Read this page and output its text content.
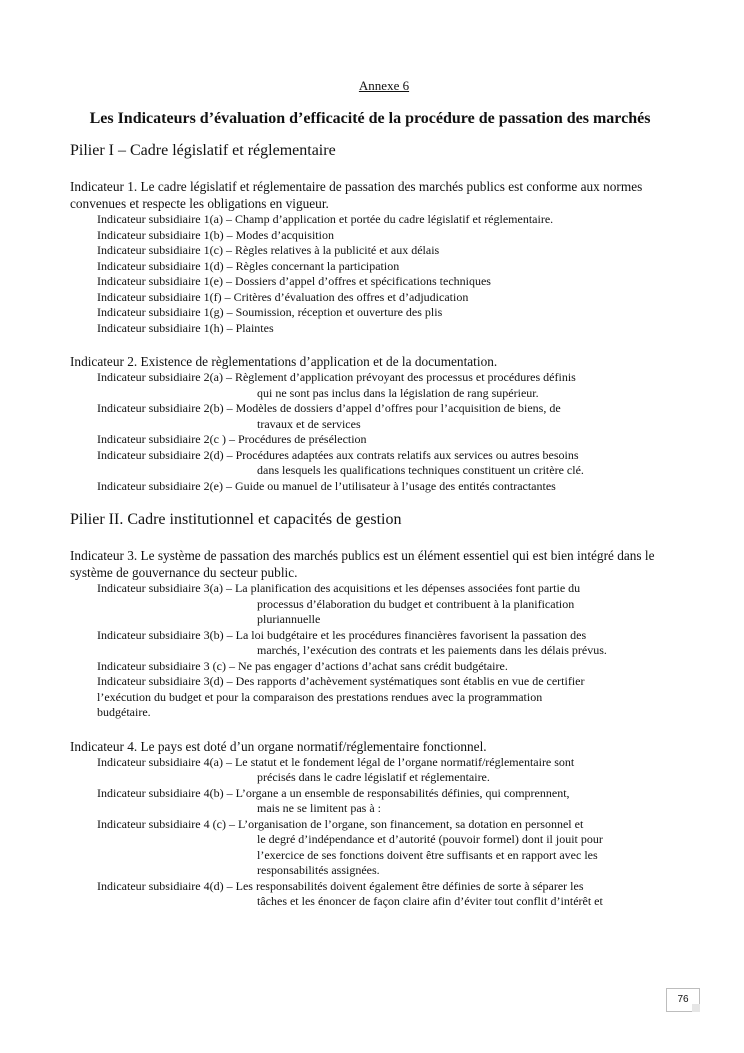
Annexe 6
Les Indicateurs d’évaluation d’efficacité de la procédure de passation des marchés
Pilier I – Cadre législatif et réglementaire
Indicateur 1. Le cadre législatif et réglementaire de passation des marchés publics est conforme aux normes convenues et respecte les obligations en vigueur.
Indicateur subsidiaire 1(a) – Champ d’application et portée du cadre législatif et réglementaire.
Indicateur subsidiaire 1(b) – Modes d’acquisition
Indicateur subsidiaire 1(c) – Règles relatives à la publicité et aux délais
Indicateur subsidiaire 1(d) – Règles concernant la participation
Indicateur subsidiaire 1(e) – Dossiers d’appel d’offres et spécifications techniques
Indicateur subsidiaire 1(f) – Critères d’évaluation des offres et d’adjudication
Indicateur subsidiaire 1(g) – Soumission, réception et ouverture des plis
Indicateur subsidiaire 1(h) – Plaintes
Indicateur 2. Existence de règlementations d’application et de la documentation.
Indicateur subsidiaire 2(a) – Règlement d’application prévoyant des processus et procédures définis
qui ne sont pas inclus dans la législation de rang supérieur.
Indicateur subsidiaire 2(b) – Modèles de dossiers d’appel d’offres pour l’acquisition de biens, de
travaux et de services
Indicateur subsidiaire 2(c ) – Procédures de présélection
Indicateur subsidiaire 2(d) – Procédures adaptées aux contrats relatifs aux services ou autres besoins
dans lesquels les qualifications techniques constituent un critère clé.
Indicateur subsidiaire 2(e) – Guide ou manuel de l’utilisateur à l’usage des entités contractantes
Pilier II. Cadre institutionnel et capacités de gestion
Indicateur 3. Le système de passation des marchés publics est un élément essentiel qui est bien intégré dans le système de gouvernance du secteur public.
Indicateur subsidiaire 3(a) – La planification des acquisitions et les dépenses associées font partie du
processus d’élaboration du budget et contribuent à la planification
pluriannuelle
Indicateur subsidiaire 3(b) – La loi budgétaire et les procédures financières favorisent la passation des
marchés, l’exécution des contrats et les paiements dans les délais prévus.
Indicateur subsidiaire 3 (c) – Ne pas engager d’actions d’achat sans crédit budgétaire.
Indicateur subsidiaire 3(d) – Des rapports d’achèvement systématiques sont établis en vue de certifier
l’exécution du budget et pour la comparaison des prestations rendues avec la programmation
budgétaire.
Indicateur 4. Le pays est doté d’un organe normatif/réglementaire fonctionnel.
Indicateur subsidiaire 4(a) – Le statut et le fondement légal de l’organe normatif/réglementaire sont
précisés dans le cadre législatif et réglementaire.
Indicateur subsidiaire 4(b) – L’organe a un ensemble de responsabilités définies, qui comprennent,
mais ne se limitent pas à :
Indicateur subsidiaire 4 (c) – L’organisation de l’organe, son financement, sa dotation en personnel et
le degré d’indépendance et d’autorité (pouvoir formel) dont il jouit pour
l’exercice de ses fonctions doivent être suffisants et en rapport avec les
responsabilités assignées.
Indicateur subsidiaire 4(d) – Les responsabilités doivent également être définies de sorte à séparer les
tâches et les énoncer de façon claire afin d’éviter tout conflit d’intérêt et
76
